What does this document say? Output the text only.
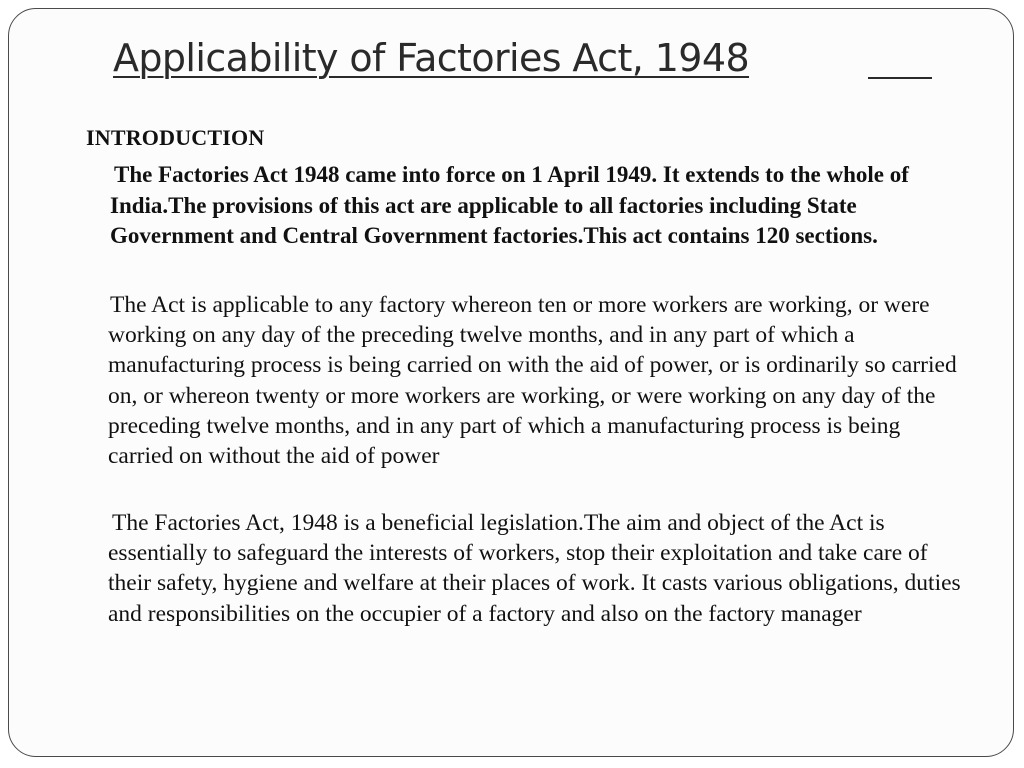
Applicability of Factories Act, 1948
INTRODUCTION

The Factories Act 1948 came into force on 1 April 1949. It extends to the whole of India.The provisions of this act are applicable to all factories including State Government and Central Government factories.This act contains 120 sections.

The Act is applicable to any factory whereon ten or more workers are working, or were working on any day of the preceding twelve months, and in any part of which a manufacturing process is being carried on with the aid of power, or is ordinarily so carried on, or whereon twenty or more workers are working, or were working on any day of the preceding twelve months, and in any part of which a manufacturing process is being carried on without the aid of power

The Factories Act, 1948 is a beneficial legislation.The aim and object of the Act is essentially to safeguard the interests of workers, stop their exploitation and take care of their safety, hygiene and welfare at their places of work. It casts various obligations, duties and responsibilities on the occupier of a factory and also on the factory manager
